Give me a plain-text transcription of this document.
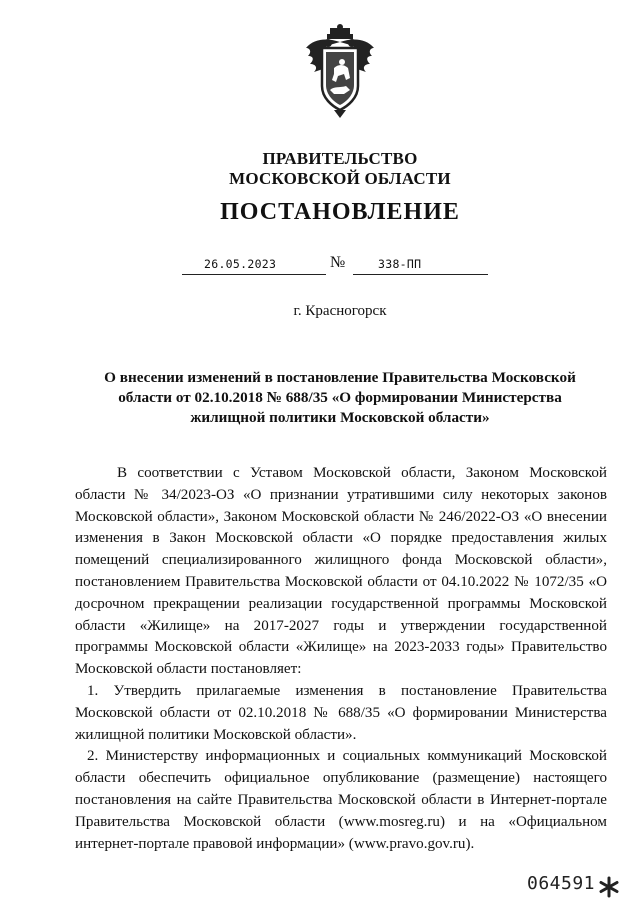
ПРАВИТЕЛЬСТВО
МОСКОВСКОЙ ОБЛАСТИ
ПОСТАНОВЛЕНИЕ
26.05.2023	№	338-ПП
г. Красногорск
О внесении изменений в постановление Правительства Московской
области от 02.10.2018 № 688/35 «О формировании Министерства
жилищной политики Московской области»

В соответствии с Уставом Московской области, Законом Московской области № 34/2023-ОЗ «О признании утратившими силу некоторых законов Московской области», Законом Московской области № 246/2022-ОЗ «О внесении изменения в Закон Московской области «О порядке предоставления жилых помещений специализированного жилищного фонда Московской области», постановлением Правительства Московской области от 04.10.2022 № 1072/35 «О досрочном прекращении реализации государственной программы Московской области «Жилище» на 2017-2027 годы и утверждении государственной программы Московской области «Жилище» на 2023-2033 годы» Правительство Московской области постановляет:

1. Утвердить прилагаемые изменения в постановление Правительства Московской области от 02.10.2018 № 688/35 «О формировании Министерства жилищной политики Московской области».

2. Министерству информационных и социальных коммуникаций Московской области обеспечить официальное опубликование (размещение) настоящего постановления на сайте Правительства Московской области в Интернет-портале Правительства Московской области (www.mosreg.ru) и на «Официальном интернет-портале правовой информации» (www.pravo.gov.ru).

064591
